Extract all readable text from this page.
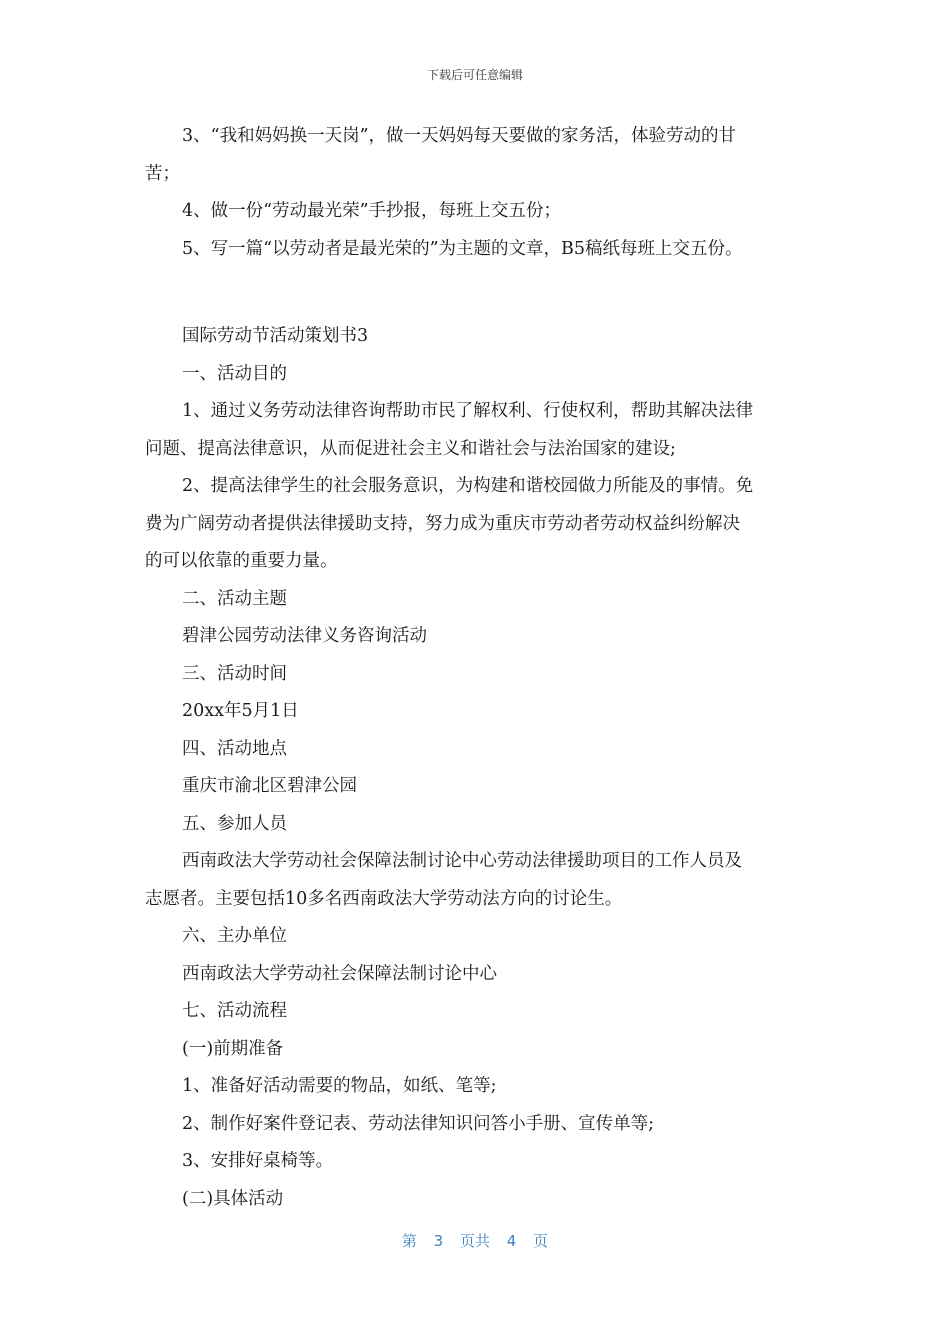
下载后可任意编辑

3、“我和妈妈换一天岗”，做一天妈妈每天要做的家务活，体验劳动的甘

苦；

4、做一份“劳动最光荣”手抄报，每班上交五份；

5、写一篇“以劳动者是最光荣的”为主题的文章，B5稿纸每班上交五份。

国际劳动节活动策划书3

一、活动目的

1、通过义务劳动法律咨询帮助市民了解权利、行使权利，帮助其解决法律

问题、提高法律意识，从而促进社会主义和谐社会与法治国家的建设;

2、提高法律学生的社会服务意识，为构建和谐校园做力所能及的事情。免

费为广阔劳动者提供法律援助支持，努力成为重庆市劳动者劳动权益纠纷解决

的可以依靠的重要力量。

二、活动主题

碧津公园劳动法律义务咨询活动

三、活动时间

20xx年5月1日

四、活动地点

重庆市渝北区碧津公园

五、参加人员

西南政法大学劳动社会保障法制讨论中心劳动法律援助项目的工作人员及

志愿者。主要包括10多名西南政法大学劳动法方向的讨论生。

六、主办单位

西南政法大学劳动社会保障法制讨论中心

七、活动流程

(一)前期准备

1、准备好活动需要的物品，如纸、笔等;

2、制作好案件登记表、劳动法律知识问答小手册、宣传单等;

3、安排好桌椅等。

(二)具体活动

第 3 页共 4 页
